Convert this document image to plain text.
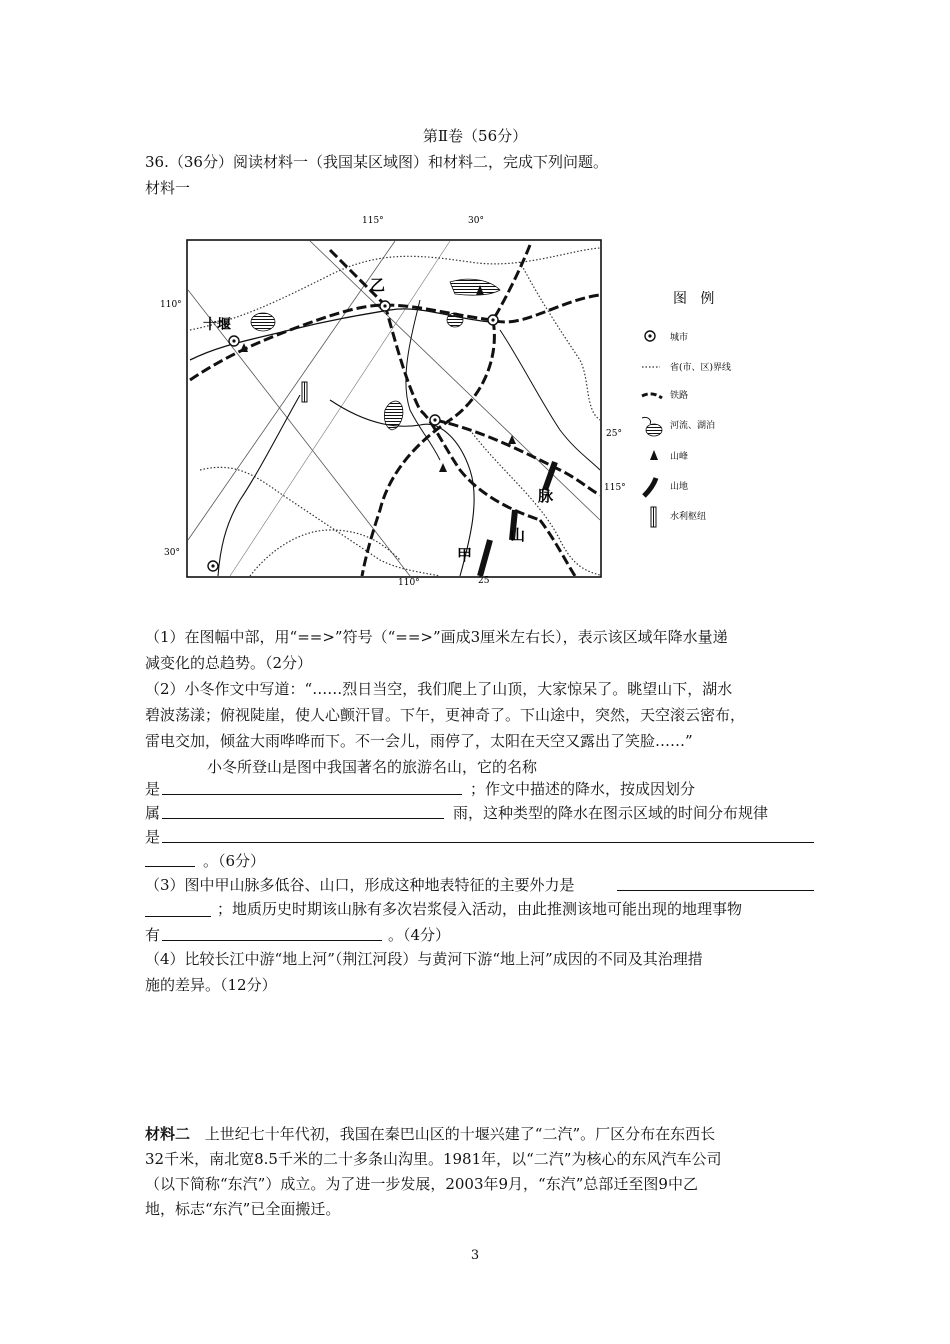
第Ⅱ卷（56分）
36.（36分）阅读材料一（我国某区域图）和材料二，完成下列问题。
材料一
115°	30°
110°
30°
25°
115°
110°	25
乙
十堰
脉
山
甲
图   例
城市
省(市、区)界线
铁路
河流、湖泊
山峰
山地
水利枢纽
（1）在图幅中部，用“==>”符号（“==>”画成3厘米左右长），表示该区域年降水量递
减变化的总趋势。（2分）
（2）小冬作文中写道：“……烈日当空，我们爬上了山顶，大家惊呆了。眺望山下，湖水
碧波荡漾；俯视陡崖，使人心颤汗冒。下午，更神奇了。下山途中，突然，天空滚云密布，
雷电交加，倾盆大雨哗哗而下。不一会儿，雨停了，太阳在天空又露出了笑脸……”
小冬所登山是图中我国著名的旅游名山，它的名称
是	；作文中描述的降水，按成因划分
属	雨，这种类型的降水在图示区域的时间分布规律
是
。（6分）
（3）图中甲山脉多低谷、山口，形成这种地表特征的主要外力是
；地质历史时期该山脉有多次岩浆侵入活动，由此推测该地可能出现的地理事物
有	。（4分）
（4）比较长江中游“地上河”（荆江河段）与黄河下游“地上河”成因的不同及其治理措
施的差异。（12分）
材料二 上世纪七十年代初，我国在秦巴山区的十堰兴建了“二汽”。厂区分布在东西长
32千米，南北宽8.5千米的二十多条山沟里。1981年，以“二汽”为核心的东风汽车公司
（以下简称“东汽”）成立。为了进一步发展，2003年9月，“东汽”总部迁至图9中乙
地，标志“东汽”已全面搬迁。
3
